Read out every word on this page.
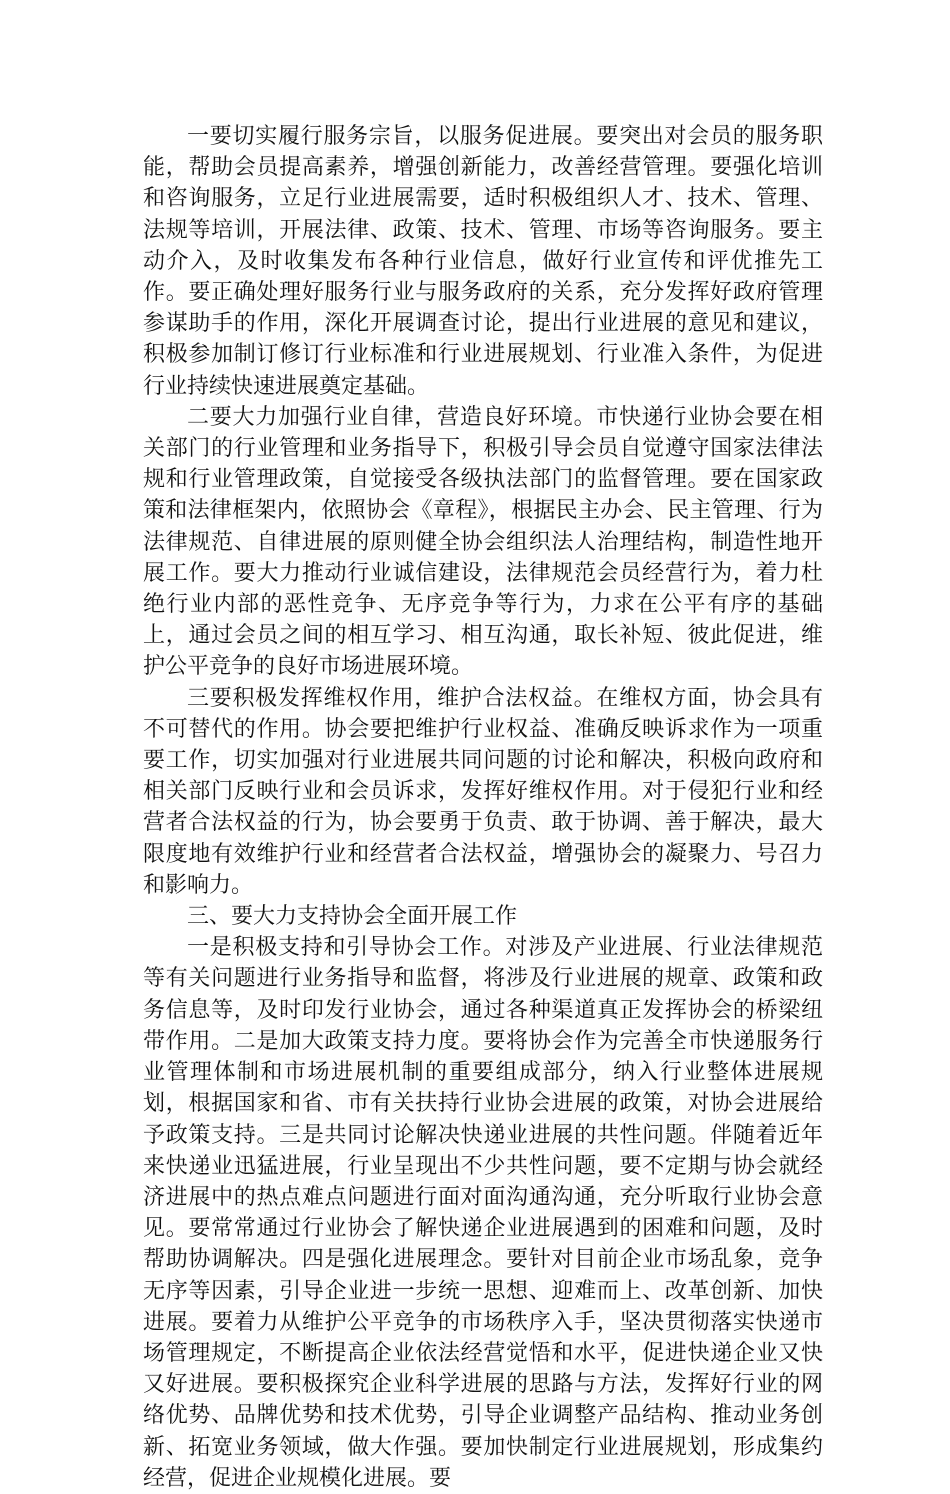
一要切实履行服务宗旨，以服务促进展。要突出对会员的服务职能，帮助会员提高素养，增强创新能力，改善经营管理。要强化培训和咨询服务，立足行业进展需要，适时积极组织人才、技术、管理、法规等培训，开展法律、政策、技术、管理、市场等咨询服务。要主动介入，及时收集发布各种行业信息，做好行业宣传和评优推先工作。要正确处理好服务行业与服务政府的关系，充分发挥好政府管理参谋助手的作用，深化开展调查讨论，提出行业进展的意见和建议，积极参加制订修订行业标准和行业进展规划、行业准入条件，为促进行业持续快速进展奠定基础。

二要大力加强行业自律，营造良好环境。市快递行业协会要在相关部门的行业管理和业务指导下，积极引导会员自觉遵守国家法律法规和行业管理政策，自觉接受各级执法部门的监督管理。要在国家政策和法律框架内，依照协会《章程》，根据民主办会、民主管理、行为法律规范、自律进展的原则健全协会组织法人治理结构，制造性地开展工作。要大力推动行业诚信建设，法律规范会员经营行为，着力杜绝行业内部的恶性竞争、无序竞争等行为，力求在公平有序的基础上，通过会员之间的相互学习、相互沟通，取长补短、彼此促进，维护公平竞争的良好市场进展环境。

三要积极发挥维权作用，维护合法权益。在维权方面，协会具有不可替代的作用。协会要把维护行业权益、准确反映诉求作为一项重要工作，切实加强对行业进展共同问题的讨论和解决，积极向政府和相关部门反映行业和会员诉求，发挥好维权作用。对于侵犯行业和经营者合法权益的行为，协会要勇于负责、敢于协调、善于解决，最大限度地有效维护行业和经营者合法权益，增强协会的凝聚力、号召力和影响力。

三、要大力支持协会全面开展工作

一是积极支持和引导协会工作。对涉及产业进展、行业法律规范等有关问题进行业务指导和监督，将涉及行业进展的规章、政策和政务信息等，及时印发行业协会，通过各种渠道真正发挥协会的桥梁纽带作用。二是加大政策支持力度。要将协会作为完善全市快递服务行业管理体制和市场进展机制的重要组成部分，纳入行业整体进展规划，根据国家和省、市有关扶持行业协会进展的政策，对协会进展给予政策支持。三是共同讨论解决快递业进展的共性问题。伴随着近年来快递业迅猛进展，行业呈现出不少共性问题，要不定期与协会就经济进展中的热点难点问题进行面对面沟通沟通，充分听取行业协会意见。要常常通过行业协会了解快递企业进展遇到的困难和问题，及时帮助协调解决。四是强化进展理念。要针对目前企业市场乱象，竞争无序等因素，引导企业进一步统一思想、迎难而上、改革创新、加快进展。要着力从维护公平竞争的市场秩序入手，坚决贯彻落实快递市场管理规定，不断提高企业依法经营觉悟和水平，促进快递企业又快又好进展。要积极探究企业科学进展的思路与方法，发挥好行业的网络优势、品牌优势和技术优势，引导企业调整产品结构、推动业务创新、拓宽业务领域，做大作强。要加快制定行业进展规划，形成集约经营，促进企业规模化进展。要
